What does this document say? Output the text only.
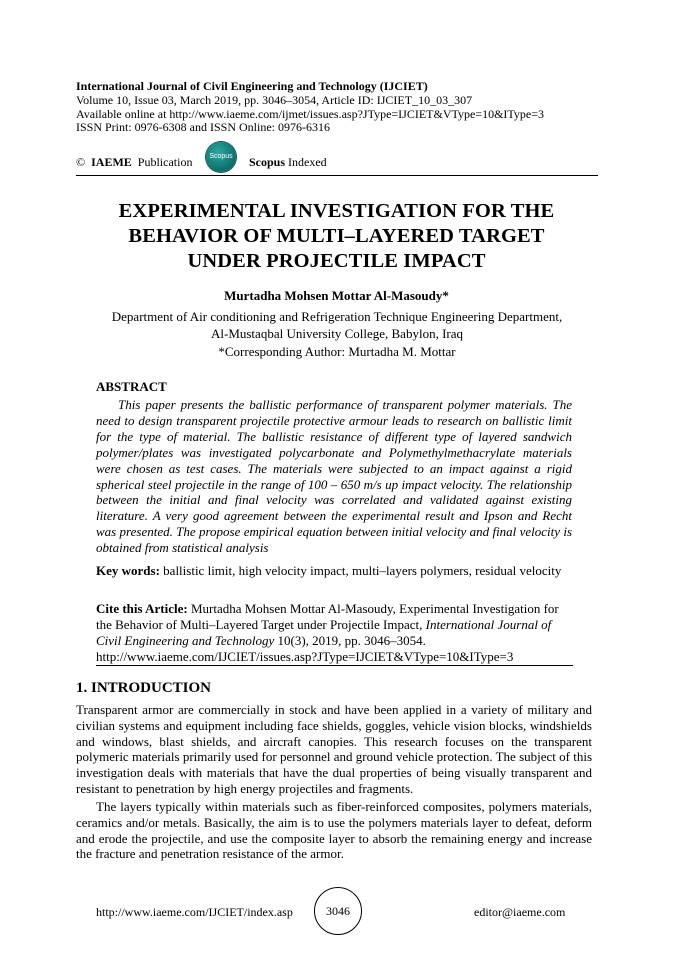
International Journal of Civil Engineering and Technology (IJCIET)
Volume 10, Issue 03, March 2019, pp. 3046–3054, Article ID: IJCIET_10_03_307
Available online at http://www.iaeme.com/ijmet/issues.asp?JType=IJCIET&VType=10&IType=3
ISSN Print: 0976-6308 and ISSN Online: 0976-6316
© IAEME Publication	Scopus Scopus Indexed
EXPERIMENTAL INVESTIGATION FOR THE
BEHAVIOR OF MULTI–LAYERED TARGET
UNDER PROJECTILE IMPACT
Murtadha Mohsen Mottar Al-Masoudy*
Department of Air conditioning and Refrigeration Technique Engineering Department,
Al-Mustaqbal University College, Babylon, Iraq
*Corresponding Author: Murtadha M. Mottar
ABSTRACT
This paper presents the ballistic performance of transparent polymer materials. The need to design transparent projectile protective armour leads to research on ballistic limit for the type of material. The ballistic resistance of different type of layered sandwich polymer/plates was investigated polycarbonate and Polymethylmethacrylate materials were chosen as test cases. The materials were subjected to an impact against a rigid spherical steel projectile in the range of 100 – 650 m/s up impact velocity. The relationship between the initial and final velocity was correlated and validated against existing literature. A very good agreement between the experimental result and Ipson and Recht was presented. The propose empirical equation between initial velocity and final velocity is obtained from statistical analysis
Key words: ballistic limit, high velocity impact, multi–layers polymers, residual velocity
Cite this Article: Murtadha Mohsen Mottar Al-Masoudy, Experimental Investigation for the Behavior of Multi–Layered Target under Projectile Impact, International Journal of Civil Engineering and Technology 10(3), 2019, pp. 3046–3054.
http://www.iaeme.com/IJCIET/issues.asp?JType=IJCIET&VType=10&IType=3
1. INTRODUCTION
Transparent armor are commercially in stock and have been applied in a variety of military and civilian systems and equipment including face shields, goggles, vehicle vision blocks, windshields and windows, blast shields, and aircraft canopies. This research focuses on the transparent polymeric materials primarily used for personnel and ground vehicle protection. The subject of this investigation deals with materials that have the dual properties of being visually transparent and resistant to penetration by high energy projectiles and fragments.
The layers typically within materials such as fiber-reinforced composites, polymers materials, ceramics and/or metals. Basically, the aim is to use the polymers materials layer to defeat, deform and erode the projectile, and use the composite layer to absorb the remaining energy and increase the fracture and penetration resistance of the armor.
http://www.iaeme.com/IJCIET/index.asp	3046	editor@iaeme.com
